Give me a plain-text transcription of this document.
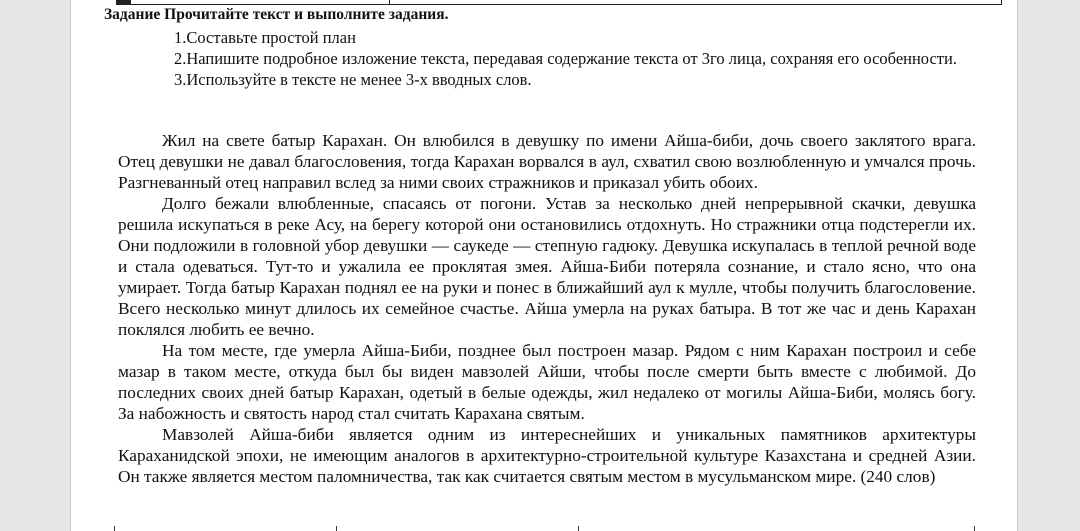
Задание Прочитайте текст и выполните задания.
1.Составьте простой план
2.Напишите подробное изложение текста, передавая содержание текста от 3го лица, сохраняя его особенности.
3.Используйте в тексте не менее 3-х вводных слов.

Жил на свете батыр Карахан. Он влюбился в девушку по имени Айша-биби, дочь своего заклятого врага. Отец девушки не давал благословения, тогда Карахан ворвался в аул, схватил свою возлюбленную и умчался прочь. Разгневанный отец направил вслед за ними своих стражников и приказал убить обоих.

Долго бежали влюбленные, спасаясь от погони. Устав за несколько дней непрерывной скачки, девушка решила искупаться в реке Асу, на берегу которой они остановились отдохнуть. Но стражники отца подстерегли их. Они подложили в головной убор девушки — саукеде — степную гадюку. Девушка искупалась в теплой речной воде и стала одеваться. Тут-то и ужалила ее проклятая змея. Айша-Биби потеряла сознание, и стало ясно, что она умирает. Тогда батыр Карахан поднял ее на руки и понес в ближайший аул к мулле, чтобы получить благословение. Всего несколько минут длилось их семейное счастье. Айша умерла на руках батыра. В тот же час и день Карахан поклялся любить ее вечно.

На том месте, где умерла Айша-Биби, позднее был построен мазар. Рядом с ним Карахан построил и себе мазар в таком месте, откуда был бы виден мавзолей Айши, чтобы после смерти быть вместе с любимой. До последних своих дней батыр Карахан, одетый в белые одежды, жил недалеко от могилы Айша-Биби, молясь богу. За набожность и святость народ стал считать Карахана святым.

Мавзолей Айша-биби является одним из интереснейших и уникальных памятников архитектуры Караханидской эпохи, не имеющим аналогов в архитектурно-строительной культуре Казахстана и средней Азии. Он также является местом паломничества, так как считается святым местом в мусульманском мире. (240 слов)
